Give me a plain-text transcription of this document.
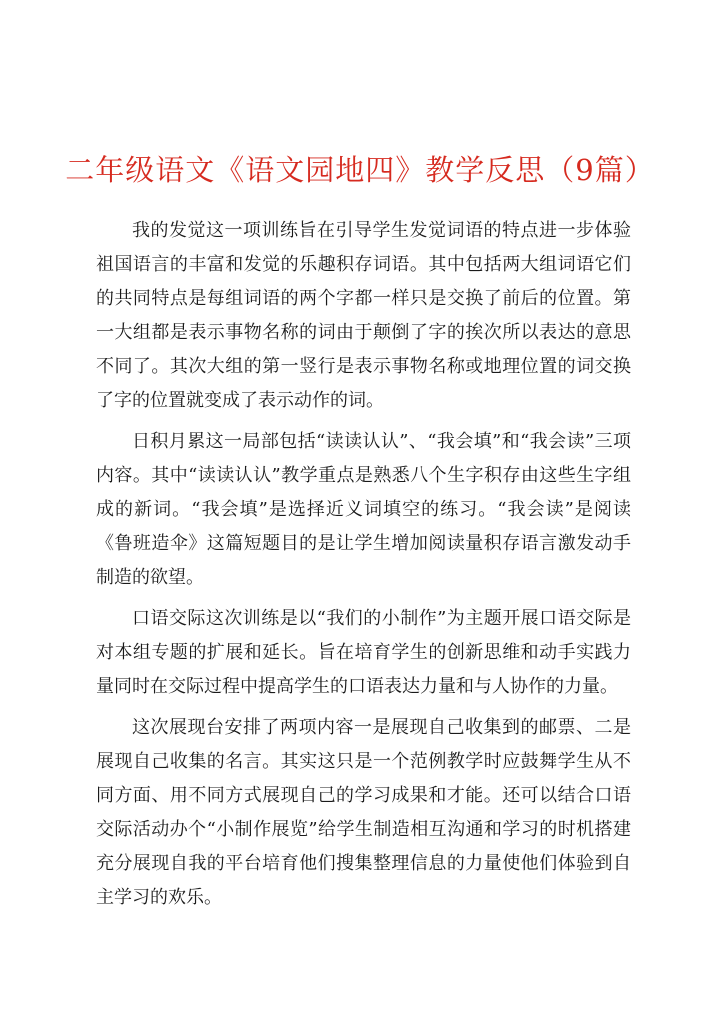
二年级语文《语文园地四》教学反思（9篇）

我的发觉这一项训练旨在引导学生发觉词语的特点进一步体验祖国语言的丰富和发觉的乐趣积存词语。其中包括两大组词语它们的共同特点是每组词语的两个字都一样只是交换了前后的位置。第一大组都是表示事物名称的词由于颠倒了字的挨次所以表达的意思不同了。其次大组的第一竖行是表示事物名称或地理位置的词交换了字的位置就变成了表示动作的词。

日积月累这一局部包括“读读认认”、“我会填”和“我会读”三项内容。其中“读读认认”教学重点是熟悉八个生字积存由这些生字组成的新词。“我会填”是选择近义词填空的练习。“我会读”是阅读《鲁班造伞》这篇短题目的是让学生增加阅读量积存语言激发动手制造的欲望。

口语交际这次训练是以“我们的小制作”为主题开展口语交际是对本组专题的扩展和延长。旨在培育学生的创新思维和动手实践力量同时在交际过程中提高学生的口语表达力量和与人协作的力量。

这次展现台安排了两项内容一是展现自己收集到的邮票、二是展现自己收集的名言。其实这只是一个范例教学时应鼓舞学生从不同方面、用不同方式展现自己的学习成果和才能。还可以结合口语交际活动办个“小制作展览”给学生制造相互沟通和学习的时机搭建充分展现自我的平台培育他们搜集整理信息的力量使他们体验到自主学习的欢乐。
